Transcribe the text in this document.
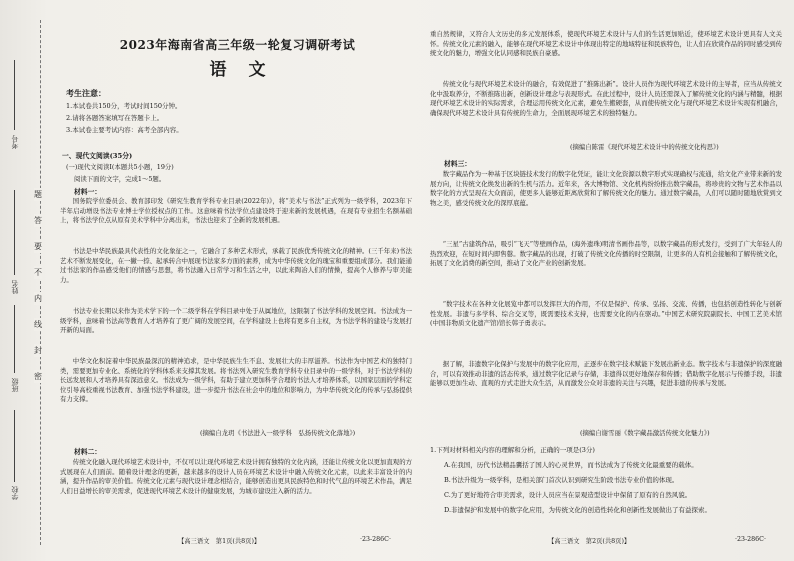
考号
姓名
班级
学校
题
答
要
不
内
线
封
密
2023年海南省高三年级一轮复习调研考试
语文
考生注意：
1.本试卷共150分，考试时间150分钟。
2.请将各题答案填写在答题卡上。
3.本试卷主要考试内容：高考全部内容。
一、现代文阅读(35分)
(一)现代文阅读Ⅰ(本题共5小题，19分)
阅读下面的文字，完成1～5题。
材料一：

国务院学位委员会、教育部印发《研究生教育学科专业目录(2022年)》，将“美术与书法”正式列为一级学科，2023年下半年启动增设书法专业博士学位授权点的工作。这意味着书法学位点建设终于迎来新的发展机遇，在现有专业招生名额基础上，将书法学位点从原有美术学科中分离出来，书法也迎来了全新的发展机遇。

书法是中华民族最具代表性的文化象征之一，它融合了多种艺术形式，承载了民族优秀传统文化的精神。(三千年来)书法艺术不断发展变化，在一撇一捺、起承转合中展现书法家多方面的素养，成为中华传统文化的瑰宝和重要组成部分。我们能通过书法家的作品感受他们的情感与思想，将书法融入日常学习和生活之中，以此来陶冶人们的情操，提高个人修养与审美能力。

书法专业长期以来作为美术学下的一个二级学科在学科目录中处于从属地位，这限制了书法学科的发展空间。书法成为一级学科，意味着书法高等教育人才培养有了更广阔的发展空间，在学科建设上也将有更多自主权，为书法学科的建设与发展打开新的局面。

中华文化积淀着中华民族最深沉的精神追求，是中华民族生生不息、发展壮大的丰厚滋养。书法作为中国艺术的独特门类，需要更加专业化、系统化的学科体系来支撑其发展。将书法列入研究生教育学科专业目录中的一级学科，对于书法学科的长远发展和人才培养具有深远意义。书法成为一级学科，有助于建立更加科学合理的书法人才培养体系，以国家层面的学科定位引导高校重视书法教育、加强书法学科建设，进一步提升书法在社会中的地位和影响力，为中华传统文化的传承与弘扬提供有力支撑。

(摘编自龙玥《书法进入一级学科　弘扬传统文化落地》)
材料二：

传统文化融入现代环境艺术设计中，不仅可以让现代环境艺术设计拥有独特的文化内涵，还能让传统文化以更加直观的方式展现在人们面前。随着设计理念的更新，越来越多的设计人员在环境艺术设计中融入传统文化元素，以此来丰富设计的内涵，提升作品的审美价值。传统文化元素与现代设计理念相结合，能够创造出更具民族特色和时代气息的环境艺术作品，满足人们日益增长的审美需求，促进现代环境艺术设计的健康发展，为城市建设注入新的活力。

【高三语文　第1页(共8页)】	·23-286C·

重自然规律，又符合人文历史的多元发展体系，使现代环境艺术设计与人们的生活更加贴近，使环境艺术设计更具有人文关怀。传统文化元素的融入，能够在现代环境艺术设计中体现出特定的地域特征和民族特色，让人们在欣赏作品的同时感受到传统文化的魅力，增强文化认同感和民族自豪感。

传统文化与现代环境艺术设计的融合，有效促进了“推陈出新”。设计人员作为现代环境艺术设计的主导者，应当从传统文化中汲取养分，不断推陈出新，创新设计理念与表现形式。在此过程中，设计人员还需深入了解传统文化的内涵与精髓，根据现代环境艺术设计的实际需求，合理运用传统文化元素，避免生搬硬套，从而使传统文化与现代环境艺术设计实现有机融合，确保现代环境艺术设计具有传统的生命力，全面展现环境艺术的独特魅力。

(摘编自陈雷《现代环境艺术设计中的传统文化构思》)
材料三：

数字藏品作为一种基于区块链技术发行的数字化凭证，能让文化资源以数字形式实现确权与流通，给文化产业带来新的发展方向，让传统文化焕发出新的生机与活力。近年来，各大博物馆、文化机构纷纷推出数字藏品，将珍贵的文物与艺术作品以数字化的方式呈现在大众面前，使更多人能够近距离欣赏和了解传统文化的魅力。通过数字藏品，人们可以随时随地欣赏到文物之美，感受传统文化的深厚底蕴。

“三星”古建筑作品，吸引“飞天”等壁画作品，(海外遗珠)明清书画作品等，以数字藏品的形式发行，受到了广大年轻人的热烈欢迎，在短时间内即售罄。数字藏品的出现，打破了传统文化传播的时空限制，让更多的人有机会接触和了解传统文化，拓展了文化消费的新空间，推动了文化产业的创新发展。

“数字技术在各种文化展览中都可以发挥巨大的作用，不仅是保护、传承、弘扬、交流、传播，也包括创造性转化与创新性发展。非遗与多学科、综合交叉等，既需要技术支持，也需要文化的内在驱动。”中国艺术研究院副院长、中国工艺美术馆(中国非物质文化遗产馆)馆长韩子勇表示。

据了解，非遗数字化保护与发展中的数字化应用，正逐步在数字技术赋能下发展出新业态。数字技术与非遗保护的深度融合，可以有效推动非遗的活态传承，通过数字化记录与存储，非遗得以更好地保存和传播；借助数字化展示与传播手段，非遗能够以更加生动、直观的方式走进大众生活，从而激发公众对非遗的关注与兴趣，促进非遗的传承与发展。

(摘编自谢雪丽《数字藏品激活传统文化魅力》)
1.下列对材料相关内容的理解和分析，正确的一项是(3分)
A.在我国，历代书法精品囊括了国人的心灵世界，而书法成为了传统文化最重要的载体。
B.书法升级为一级学科，是相关部门首次认识到研究生阶段书法专业价值的体现。
C.为了更好地符合审美需求，设计人员应当在景观造型设计中保留了原有的自然风貌。
D.非遗保护和发展中的数字化应用，为传统文化的创造性转化和创新性发展做出了有益探索。
【高三语文　第2页(共8页)】	·23-286C·
